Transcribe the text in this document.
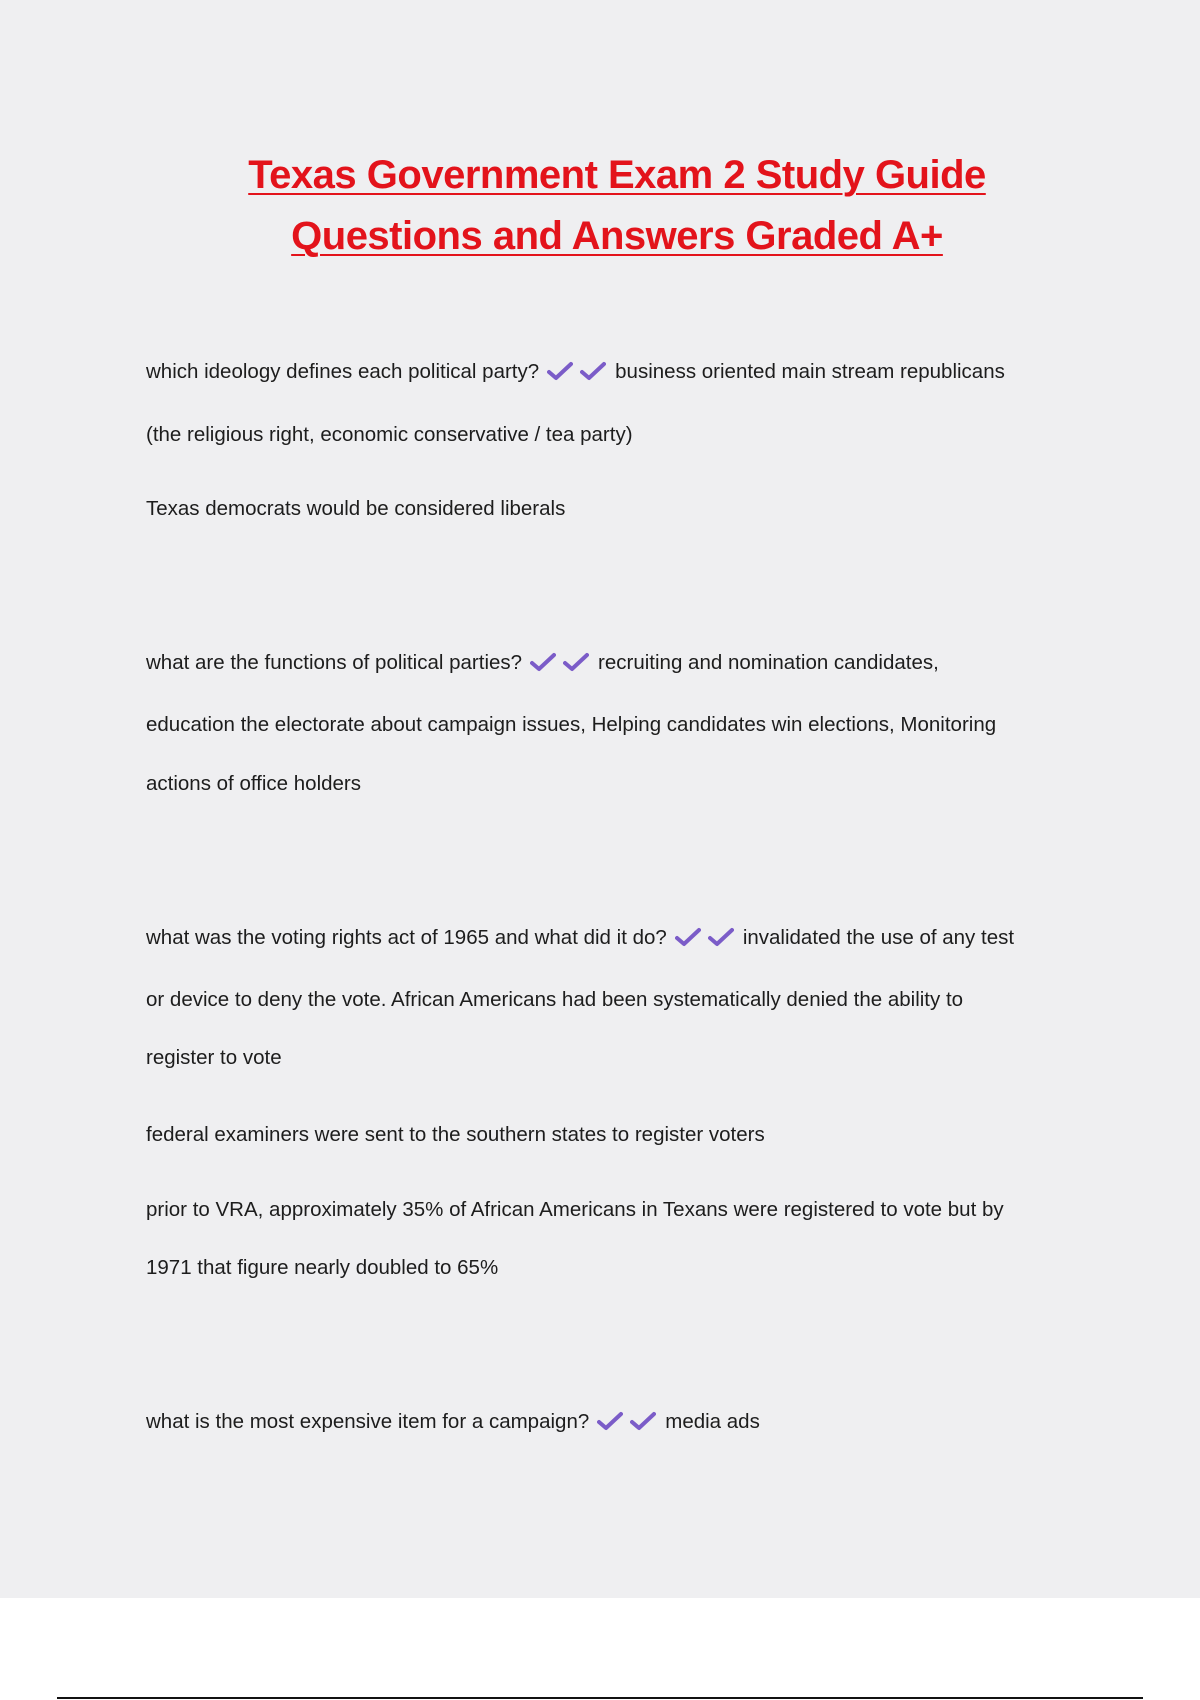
Texas Government Exam 2 Study Guide
Questions and Answers Graded A+
which ideology defines each political party?	business oriented main stream republicans
(the religious right, economic conservative / tea party)
Texas democrats would be considered liberals
what are the functions of political parties?	recruiting and nomination candidates,
education the electorate about campaign issues, Helping candidates win elections, Monitoring
actions of office holders
what was the voting rights act of 1965 and what did it do?	invalidated the use of any test
or device to deny the vote. African Americans had been systematically denied the ability to
register to vote
federal examiners were sent to the southern states to register voters
prior to VRA, approximately 35% of African Americans in Texans were registered to vote but by
1971 that figure nearly doubled to 65%
what is the most expensive item for a campaign?	media ads
